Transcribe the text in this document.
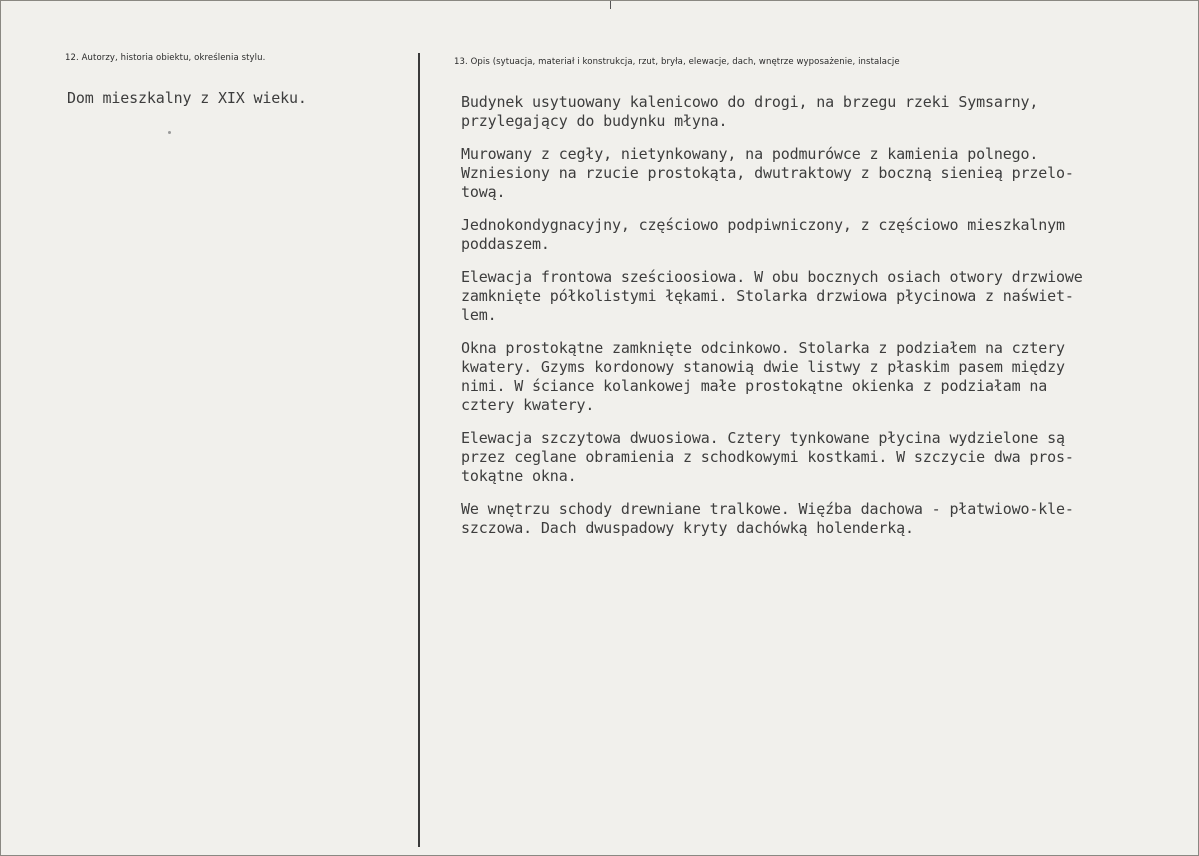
12. Autorzy, historia obiektu, określenia stylu.	13. Opis (sytuacja, materiał i konstrukcja, rzut, bryła, elewacje, dach, wnętrze wyposażenie, instalacje
Dom mieszkalny z XIX wieku.	Budynek usytuowany kalenicowo do drogi, na brzegu rzeki Symsarny,
przylegający do budynku młyna.

Murowany z cegły, nietynkowany, na podmurówce z kamienia polnego.
Wzniesiony na rzucie prostokąta, dwutraktowy z boczną sienieą przelo-
tową.

Jednokondygnacyjny, częściowo podpiwniczony, z częściowo mieszkalnym
poddaszem.

Elewacja frontowa sześcioosiowa. W obu bocznych osiach otwory drzwiowe
zamknięte półkolistymi łękami. Stolarka drzwiowa płycinowa z naświet-
lem.

Okna prostokątne zamknięte odcinkowo. Stolarka z podziałem na cztery
kwatery. Gzyms kordonowy stanowią dwie listwy z płaskim pasem między
nimi. W ściance kolankowej małe prostokątne okienka z podziałam na
cztery kwatery.

Elewacja szczytowa dwuosiowa. Cztery tynkowane płycina wydzielone są
przez ceglane obramienia z schodkowymi kostkami. W szczycie dwa pros-
tokątne okna.

We wnętrzu schody drewniane tralkowe. Więźba dachowa - płatwiowo-kle-
szczowa. Dach dwuspadowy kryty dachówką holenderką.
